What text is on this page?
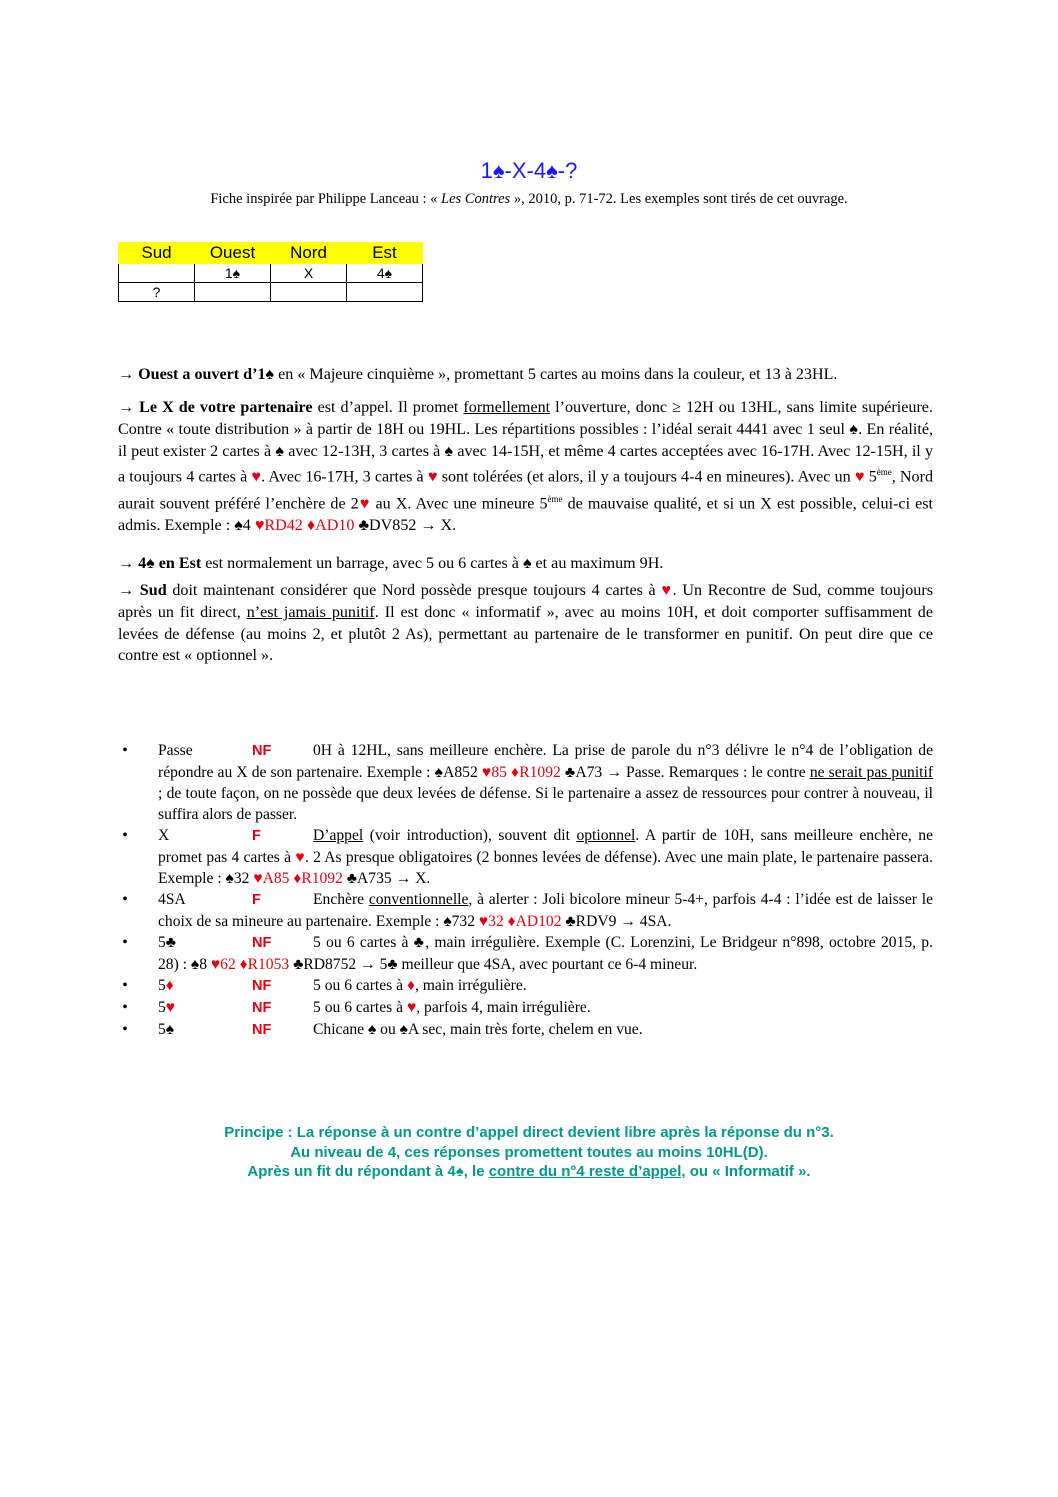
1♠-X-4♠-?
Fiche inspirée par Philippe Lanceau : « Les Contres », 2010, p. 71-72. Les exemples sont tirés de cet ouvrage.
Sud	Ouest	Nord	Est
	1♠	X	4♠
?			
→ Ouest a ouvert d’1♠ en « Majeure cinquième », promettant 5 cartes au moins dans la couleur, et 13 à 23HL.
→ Le X de votre partenaire est d’appel. Il promet formellement l’ouverture, donc ≥ 12H ou 13HL, sans limite supérieure. Contre « toute distribution » à partir de 18H ou 19HL. Les répartitions possibles : l’idéal serait 4441 avec 1 seul ♠. En réalité, il peut exister 2 cartes à ♠ avec 12-13H, 3 cartes à ♠ avec 14-15H, et même 4 cartes acceptées avec 16-17H. Avec 12-15H, il y a toujours 4 cartes à ♥. Avec 16-17H, 3 cartes à ♥ sont tolérées (et alors, il y a toujours 4-4 en mineures). Avec un ♥ 5ème, Nord aurait souvent préféré l’enchère de 2♥ au X. Avec une mineure 5ème de mauvaise qualité, et si un X est possible, celui-ci est admis. Exemple : ♠4 ♥RD42 ♦AD10 ♣DV852 → X.
→ 4♠ en Est est normalement un barrage, avec 5 ou 6 cartes à ♠ et au maximum 9H.
→ Sud doit maintenant considérer que Nord possède presque toujours 4 cartes à ♥. Un Recontre de Sud, comme toujours après un fit direct, n’est jamais punitif. Il est donc « informatif », avec au moins 10H, et doit comporter suffisamment de levées de défense (au moins 2, et plutôt 2 As), permettant au partenaire de le transformer en punitif. On peut dire que ce contre est « optionnel ».
• Passe	NF	0H à 12HL, sans meilleure enchère. La prise de parole du n°3 délivre le n°4 de l’obligation de répondre au X de son partenaire. Exemple : ♠A852 ♥85 ♦R1092 ♣A73 → Passe. Remarques : le contre ne serait pas punitif ; de toute façon, on ne possède que deux levées de défense. Si le partenaire a assez de ressources pour contrer à nouveau, il suffira alors de passer.
• X	F	D’appel (voir introduction), souvent dit optionnel. A partir de 10H, sans meilleure enchère, ne promet pas 4 cartes à ♥. 2 As presque obligatoires (2 bonnes levées de défense). Avec une main plate, le partenaire passera. Exemple : ♠32 ♥A85 ♦R1092 ♣A735 → X.
• 4SA	F	Enchère conventionnelle, à alerter : Joli bicolore mineur 5-4+, parfois 4-4 : l’idée est de laisser le choix de sa mineure au partenaire. Exemple : ♠732 ♥32 ♦AD102 ♣RDV9 → 4SA.
• 5♣	NF	5 ou 6 cartes à ♣, main irrégulière. Exemple (C. Lorenzini, Le Bridgeur n°898, octobre 2015, p. 28) : ♠8 ♥62 ♦R1053 ♣RD8752 → 5♣ meilleur que 4SA, avec pourtant ce 6-4 mineur.
• 5♦	NF	5 ou 6 cartes à ♦, main irrégulière.
• 5♥	NF	5 ou 6 cartes à ♥, parfois 4, main irrégulière.
• 5♠	NF	Chicane ♠ ou ♠A sec, main très forte, chelem en vue.
Principe : La réponse à un contre d’appel direct devient libre après la réponse du n°3.
Au niveau de 4, ces réponses promettent toutes au moins 10HL(D).
Après un fit du répondant à 4♠, le contre du n°4 reste d’appel, ou « Informatif ».
